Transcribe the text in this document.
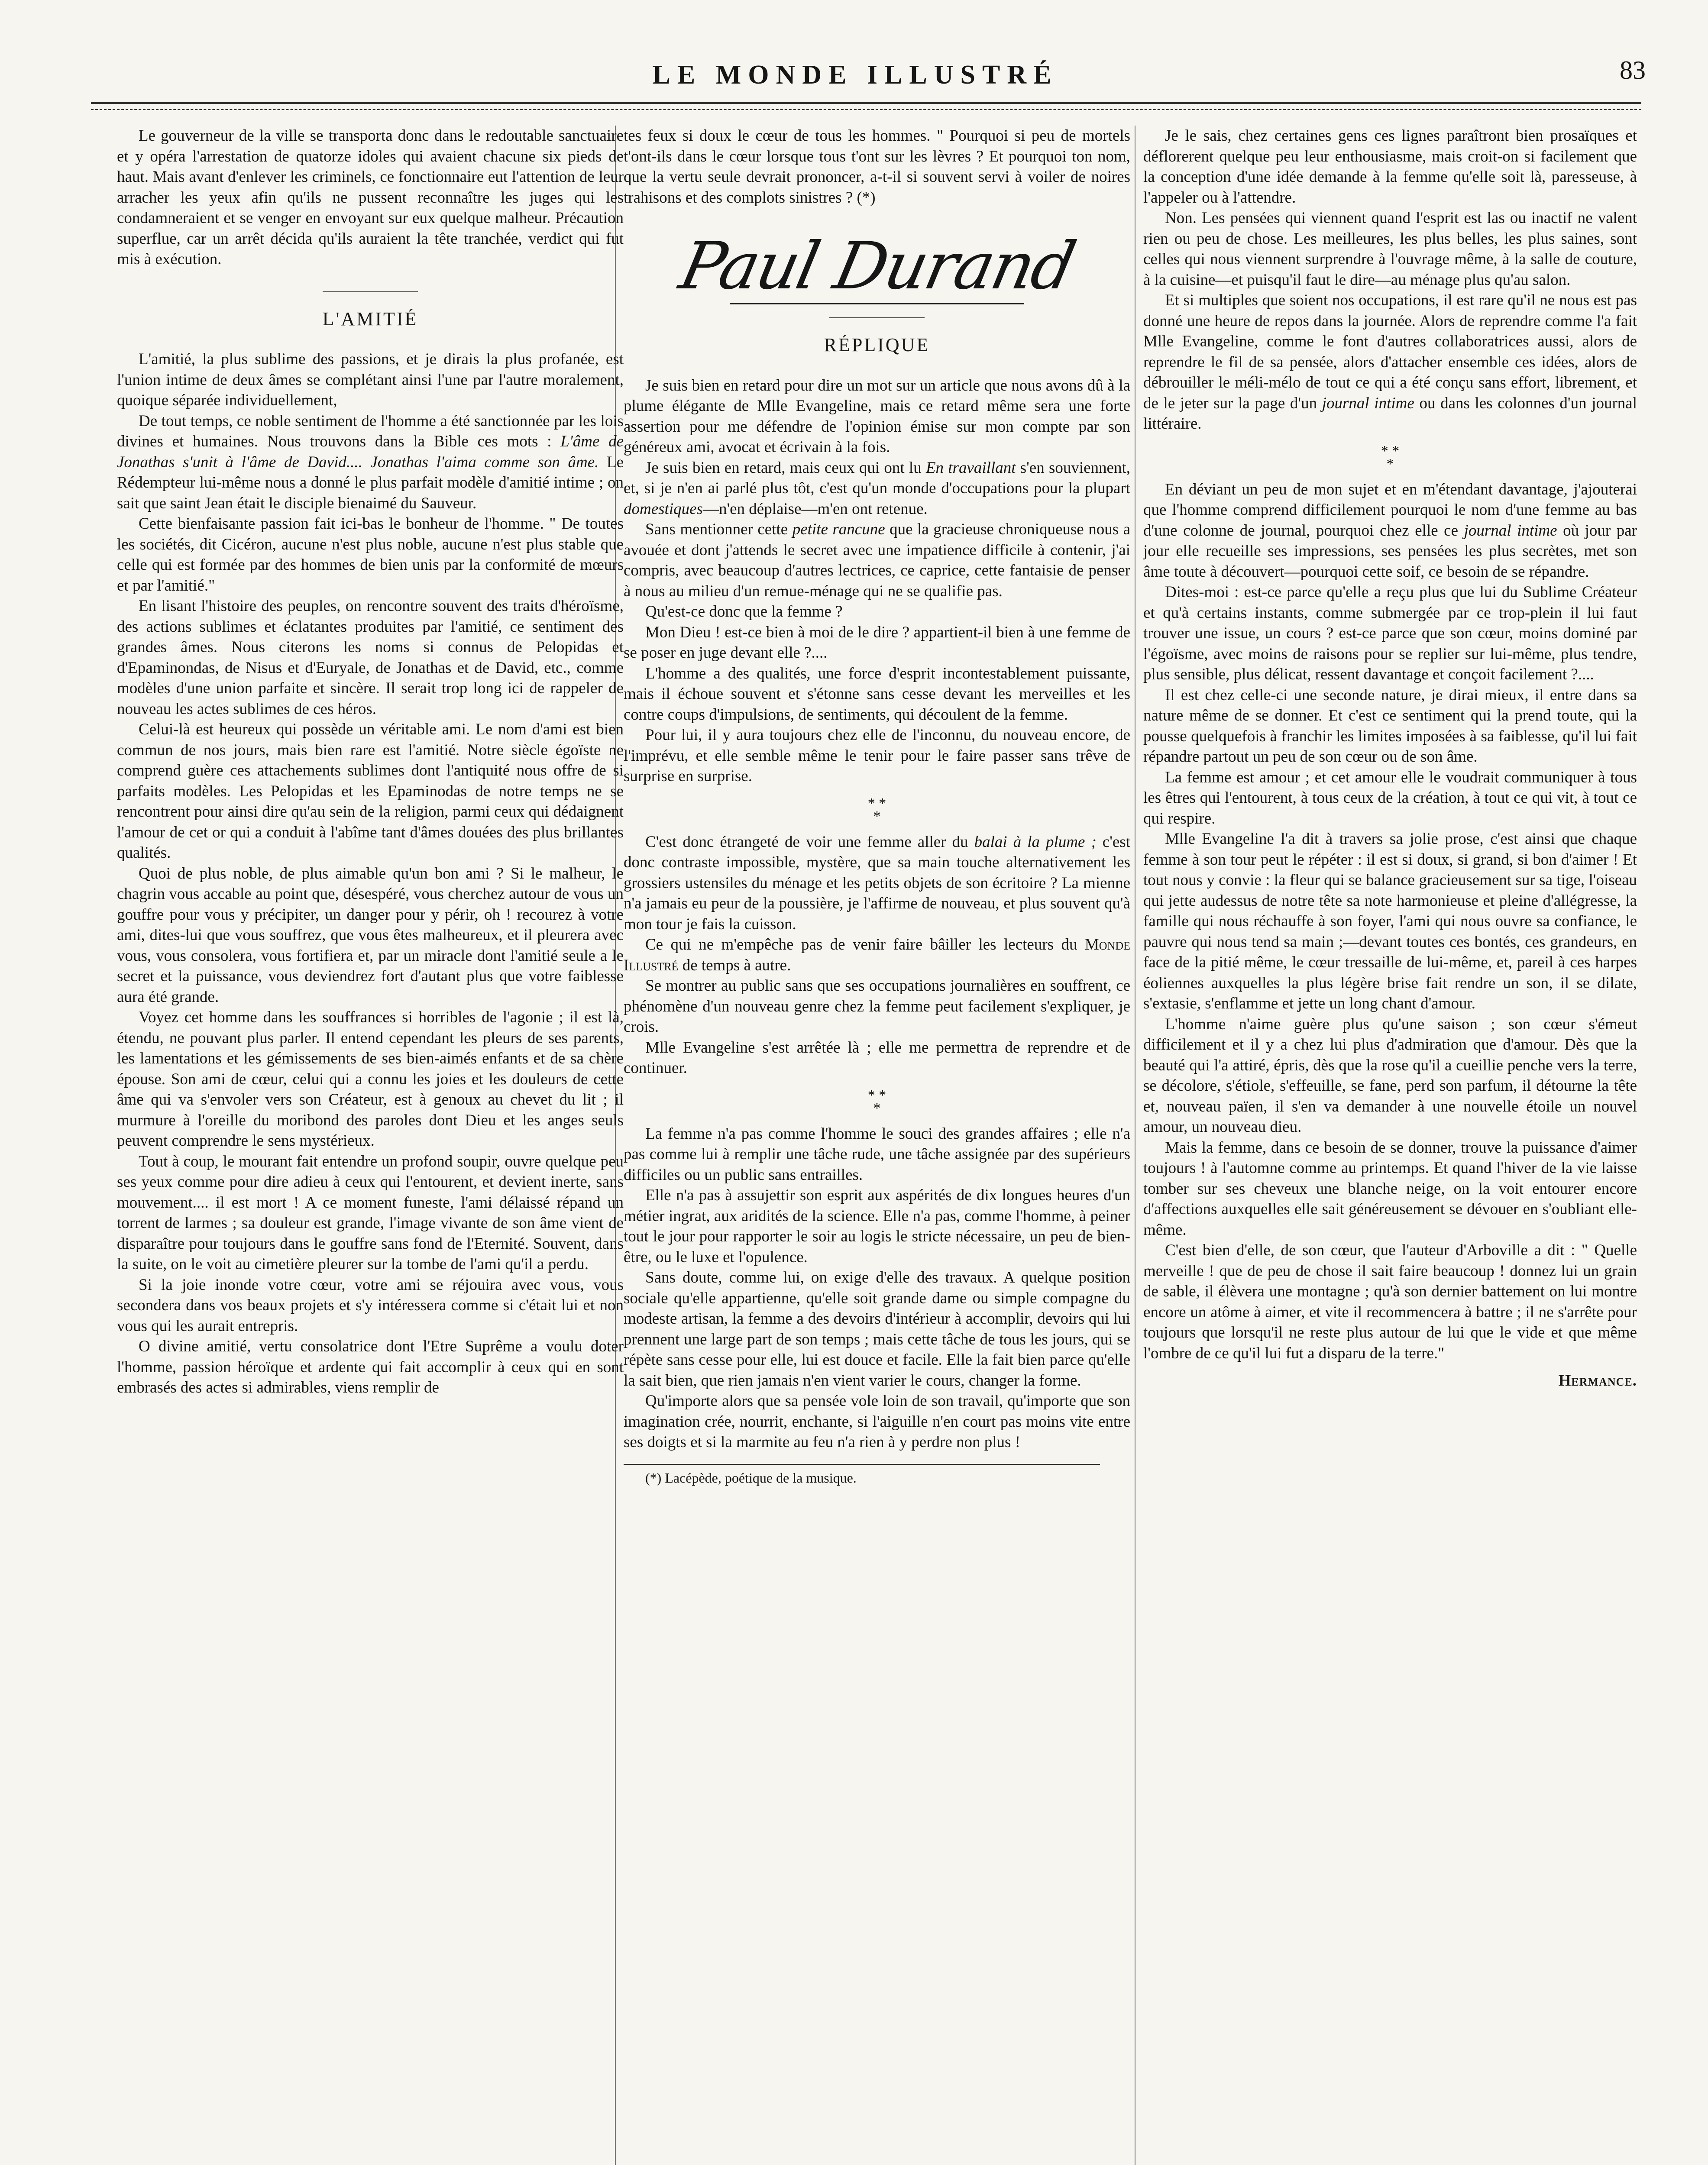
LE MONDE ILLUSTRÉ	83

Le gouverneur de la ville se transporta donc dans le redoutable sanctuaire et y opéra l'arrestation de quatorze idoles qui avaient chacune six pieds de haut. Mais avant d'enlever les criminels, ce fonctionnaire eut l'attention de leur arracher les yeux afin qu'ils ne pussent reconnaître les juges qui les condamneraient et se venger en envoyant sur eux quelque malheur. Précaution superflue, car un arrêt décida qu'ils auraient la tête tranchée, verdict qui fut mis à exécution.

L'AMITIÉ

L'amitié, la plus sublime des passions, et je dirais la plus profanée, est l'union intime de deux âmes se complétant ainsi l'une par l'autre moralement, quoique séparée individuellement,

De tout temps, ce noble sentiment de l'homme a été sanctionnée par les lois divines et humaines. Nous trouvons dans la Bible ces mots : L'âme de Jonathas s'unit à l'âme de David.... Jonathas l'aima comme son âme. Le Rédempteur lui-même nous a donné le plus parfait modèle d'amitié intime ; on sait que saint Jean était le disciple bienaimé du Sauveur.

Cette bienfaisante passion fait ici-bas le bonheur de l'homme. " De toutes les sociétés, dit Cicéron, aucune n'est plus noble, aucune n'est plus stable que celle qui est formée par des hommes de bien unis par la conformité de mœurs et par l'amitié."

En lisant l'histoire des peuples, on rencontre souvent des traits d'héroïsme, des actions sublimes et éclatantes produites par l'amitié, ce sentiment des grandes âmes. Nous citerons les noms si connus de Pelopidas et d'Epaminondas, de Nisus et d'Euryale, de Jonathas et de David, etc., comme modèles d'une union parfaite et sincère. Il serait trop long ici de rappeler de nouveau les actes sublimes de ces héros.

Celui-là est heureux qui possède un véritable ami. Le nom d'ami est bien commun de nos jours, mais bien rare est l'amitié. Notre siècle égoïste ne comprend guère ces attachements sublimes dont l'antiquité nous offre de si parfaits modèles. Les Pelopidas et les Epaminodas de notre temps ne se rencontrent pour ainsi dire qu'au sein de la religion, parmi ceux qui dédaignent l'amour de cet or qui a conduit à l'abîme tant d'âmes douées des plus brillantes qualités.

Quoi de plus noble, de plus aimable qu'un bon ami ? Si le malheur, le chagrin vous accable au point que, désespéré, vous cherchez autour de vous un gouffre pour vous y précipiter, un danger pour y périr, oh ! recourez à votre ami, dites-lui que vous souffrez, que vous êtes malheureux, et il pleurera avec vous, vous consolera, vous fortifiera et, par un miracle dont l'amitié seule a le secret et la puissance, vous deviendrez fort d'autant plus que votre faiblesse aura été grande.

Voyez cet homme dans les souffrances si horribles de l'agonie ; il est là, étendu, ne pouvant plus parler. Il entend cependant les pleurs de ses parents, les lamentations et les gémissements de ses bien-aimés enfants et de sa chère épouse. Son ami de cœur, celui qui a connu les joies et les douleurs de cette âme qui va s'envoler vers son Créateur, est à genoux au chevet du lit ; il murmure à l'oreille du moribond des paroles dont Dieu et les anges seuls peuvent comprendre le sens mystérieux.

Tout à coup, le mourant fait entendre un profond soupir, ouvre quelque peu ses yeux comme pour dire adieu à ceux qui l'entourent, et devient inerte, sans mouvement.... il est mort ! A ce moment funeste, l'ami délaissé répand un torrent de larmes ; sa douleur est grande, l'image vivante de son âme vient de disparaître pour toujours dans le gouffre sans fond de l'Eternité. Souvent, dans la suite, on le voit au cimetière pleurer sur la tombe de l'ami qu'il a perdu.

Si la joie inonde votre cœur, votre ami se réjouira avec vous, vous secondera dans vos beaux projets et s'y intéressera comme si c'était lui et non vous qui les aurait entrepris.

O divine amitié, vertu consolatrice dont l'Etre Suprême a voulu doter l'homme, passion héroïque et ardente qui fait accomplir à ceux qui en sont embrasés des actes si admirables, viens remplir de

tes feux si doux le cœur de tous les hommes. " Pourquoi si peu de mortels t'ont-ils dans le cœur lorsque tous t'ont sur les lèvres ? Et pourquoi ton nom, que la vertu seule devrait prononcer, a-t-il si souvent servi à voiler de noires trahisons et des complots sinistres ? (*)

Paul Durand
RÉPLIQUE

Je suis bien en retard pour dire un mot sur un article que nous avons dû à la plume élégante de Mlle Evangeline, mais ce retard même sera une forte assertion pour me défendre de l'opinion émise sur mon compte par son généreux ami, avocat et écrivain à la fois.

Je suis bien en retard, mais ceux qui ont lu En travaillant s'en souviennent, et, si je n'en ai parlé plus tôt, c'est qu'un monde d'occupations pour la plupart domestiques—n'en déplaise—m'en ont retenue.

Sans mentionner cette petite rancune que la gracieuse chroniqueuse nous a avouée et dont j'attends le secret avec une impatience difficile à contenir, j'ai compris, avec beaucoup d'autres lectrices, ce caprice, cette fantaisie de penser à nous au milieu d'un remue-ménage qui ne se qualifie pas.

Qu'est-ce donc que la femme ?

Mon Dieu ! est-ce bien à moi de le dire ? appartient-il bien à une femme de se poser en juge devant elle ?....

L'homme a des qualités, une force d'esprit incontestablement puissante, mais il échoue souvent et s'étonne sans cesse devant les merveilles et les contre coups d'impulsions, de sentiments, qui découlent de la femme.

Pour lui, il y aura toujours chez elle de l'inconnu, du nouveau encore, de l'imprévu, et elle semble même le tenir pour le faire passer sans trêve de surprise en surprise.

* *
*

C'est donc étrangeté de voir une femme aller du balai à la plume ; c'est donc contraste impossible, mystère, que sa main touche alternativement les grossiers ustensiles du ménage et les petits objets de son écritoire ? La mienne n'a jamais eu peur de la poussière, je l'affirme de nouveau, et plus souvent qu'à mon tour je fais la cuisson.

Ce qui ne m'empêche pas de venir faire bâiller les lecteurs du Monde Illustré de temps à autre.

Se montrer au public sans que ses occupations journalières en souffrent, ce phénomène d'un nouveau genre chez la femme peut facilement s'expliquer, je crois.

Mlle Evangeline s'est arrêtée là ; elle me permettra de reprendre et de continuer.

* *
*

La femme n'a pas comme l'homme le souci des grandes affaires ; elle n'a pas comme lui à remplir une tâche rude, une tâche assignée par des supérieurs difficiles ou un public sans entrailles.

Elle n'a pas à assujettir son esprit aux aspérités de dix longues heures d'un métier ingrat, aux aridités de la science. Elle n'a pas, comme l'homme, à peiner tout le jour pour rapporter le soir au logis le stricte nécessaire, un peu de bien-être, ou le luxe et l'opulence.

Sans doute, comme lui, on exige d'elle des travaux. A quelque position sociale qu'elle appartienne, qu'elle soit grande dame ou simple compagne du modeste artisan, la femme a des devoirs d'intérieur à accomplir, devoirs qui lui prennent une large part de son temps ; mais cette tâche de tous les jours, qui se répète sans cesse pour elle, lui est douce et facile. Elle la fait bien parce qu'elle la sait bien, que rien jamais n'en vient varier le cours, changer la forme.

Qu'importe alors que sa pensée vole loin de son travail, qu'importe que son imagination crée, nourrit, enchante, si l'aiguille n'en court pas moins vite entre ses doigts et si la marmite au feu n'a rien à y perdre non plus !

(*) Lacépède, poétique de la musique.

Je le sais, chez certaines gens ces lignes paraîtront bien prosaïques et déflorerent quelque peu leur enthousiasme, mais croit-on si facilement que la conception d'une idée demande à la femme qu'elle soit là, paresseuse, à l'appeler ou à l'attendre.

Non. Les pensées qui viennent quand l'esprit est las ou inactif ne valent rien ou peu de chose. Les meilleures, les plus belles, les plus saines, sont celles qui nous viennent surprendre à l'ouvrage même, à la salle de couture, à la cuisine—et puisqu'il faut le dire—au ménage plus qu'au salon.

Et si multiples que soient nos occupations, il est rare qu'il ne nous est pas donné une heure de repos dans la journée. Alors de reprendre comme l'a fait Mlle Evangeline, comme le font d'autres collaboratrices aussi, alors de reprendre le fil de sa pensée, alors d'attacher ensemble ces idées, alors de débrouiller le méli-mélo de tout ce qui a été conçu sans effort, librement, et de le jeter sur la page d'un journal intime ou dans les colonnes d'un journal littéraire.

* *
*

En déviant un peu de mon sujet et en m'étendant davantage, j'ajouterai que l'homme comprend difficilement pourquoi le nom d'une femme au bas d'une colonne de journal, pourquoi chez elle ce journal intime où jour par jour elle recueille ses impressions, ses pensées les plus secrètes, met son âme toute à découvert—pourquoi cette soif, ce besoin de se répandre.

Dites-moi : est-ce parce qu'elle a reçu plus que lui du Sublime Créateur et qu'à certains instants, comme submergée par ce trop-plein il lui faut trouver une issue, un cours ? est-ce parce que son cœur, moins dominé par l'égoïsme, avec moins de raisons pour se replier sur lui-même, plus tendre, plus sensible, plus délicat, ressent davantage et conçoit facilement ?....

Il est chez celle-ci une seconde nature, je dirai mieux, il entre dans sa nature même de se donner. Et c'est ce sentiment qui la prend toute, qui la pousse quelquefois à franchir les limites imposées à sa faiblesse, qu'il lui fait répandre partout un peu de son cœur ou de son âme.

La femme est amour ; et cet amour elle le voudrait communiquer à tous les êtres qui l'entourent, à tous ceux de la création, à tout ce qui vit, à tout ce qui respire.

Mlle Evangeline l'a dit à travers sa jolie prose, c'est ainsi que chaque femme à son tour peut le répéter : il est si doux, si grand, si bon d'aimer ! Et tout nous y convie : la fleur qui se balance gracieusement sur sa tige, l'oiseau qui jette audessus de notre tête sa note harmonieuse et pleine d'allégresse, la famille qui nous réchauffe à son foyer, l'ami qui nous ouvre sa confiance, le pauvre qui nous tend sa main ;—devant toutes ces bontés, ces grandeurs, en face de la pitié même, le cœur tressaille de lui-même, et, pareil à ces harpes éoliennes auxquelles la plus légère brise fait rendre un son, il se dilate, s'extasie, s'enflamme et jette un long chant d'amour.

L'homme n'aime guère plus qu'une saison ; son cœur s'émeut difficilement et il y a chez lui plus d'admiration que d'amour. Dès que la beauté qui l'a attiré, épris, dès que la rose qu'il a cueillie penche vers la terre, se décolore, s'étiole, s'effeuille, se fane, perd son parfum, il détourne la tête et, nouveau païen, il s'en va demander à une nouvelle étoile un nouvel amour, un nouveau dieu.

Mais la femme, dans ce besoin de se donner, trouve la puissance d'aimer toujours ! à l'automne comme au printemps. Et quand l'hiver de la vie laisse tomber sur ses cheveux une blanche neige, on la voit entourer encore d'affections auxquelles elle sait généreusement se dévouer en s'oubliant elle-même.

C'est bien d'elle, de son cœur, que l'auteur d'Arboville a dit : " Quelle merveille ! que de peu de chose il sait faire beaucoup ! donnez lui un grain de sable, il élèvera une montagne ; qu'à son dernier battement on lui montre encore un atôme à aimer, et vite il recommencera à battre ; il ne s'arrête pour toujours que lorsqu'il ne reste plus autour de lui que le vide et que même l'ombre de ce qu'il lui fut a disparu de la terre."

Hermance.
